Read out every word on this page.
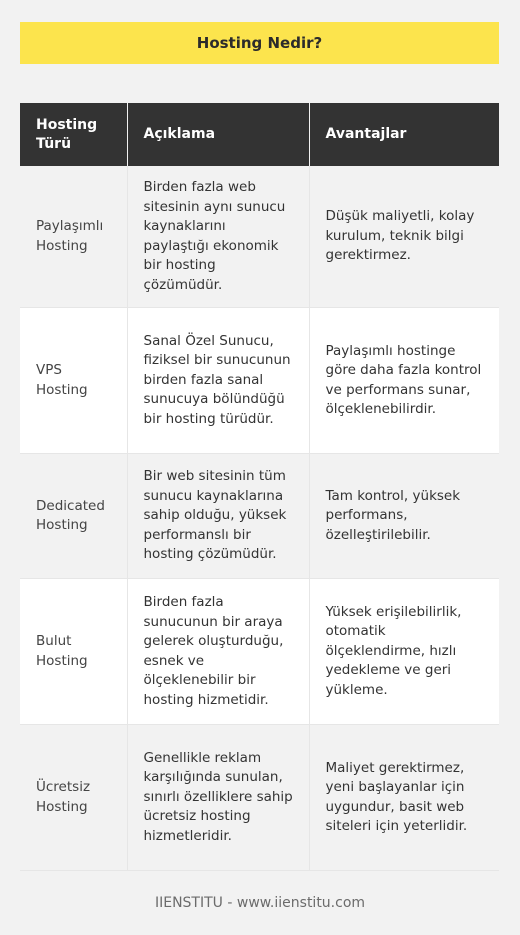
Hosting Nedir?
Hosting Türü	Açıklama	Avantajlar
Paylaşımlı Hosting	Birden fazla web sitesinin aynı sunucu kaynaklarını paylaştığı ekonomik bir hosting çözümüdür.	Düşük maliyetli, kolay kurulum, teknik bilgi gerektirmez.
VPS Hosting	Sanal Özel Sunucu, fiziksel bir sunucunun birden fazla sanal sunucuya bölündüğü bir hosting türüdür.	Paylaşımlı hostinge göre daha fazla kontrol ve performans sunar, ölçeklenebilirdir.
Dedicated Hosting	Bir web sitesinin tüm sunucu kaynaklarına sahip olduğu, yüksek performanslı bir hosting çözümüdür.	Tam kontrol, yüksek performans, özelleştirilebilir.
Bulut Hosting	Birden fazla sunucunun bir araya gelerek oluşturduğu, esnek ve ölçeklenebilir bir hosting hizmetidir.	Yüksek erişilebilirlik, otomatik ölçeklendirme, hızlı yedekleme ve geri yükleme.
Ücretsiz Hosting	Genellikle reklam karşılığında sunulan, sınırlı özelliklere sahip ücretsiz hosting hizmetleridir.	Maliyet gerektirmez, yeni başlayanlar için uygundur, basit web siteleri için yeterlidir.
IIENSTITU - www.iienstitu.com
